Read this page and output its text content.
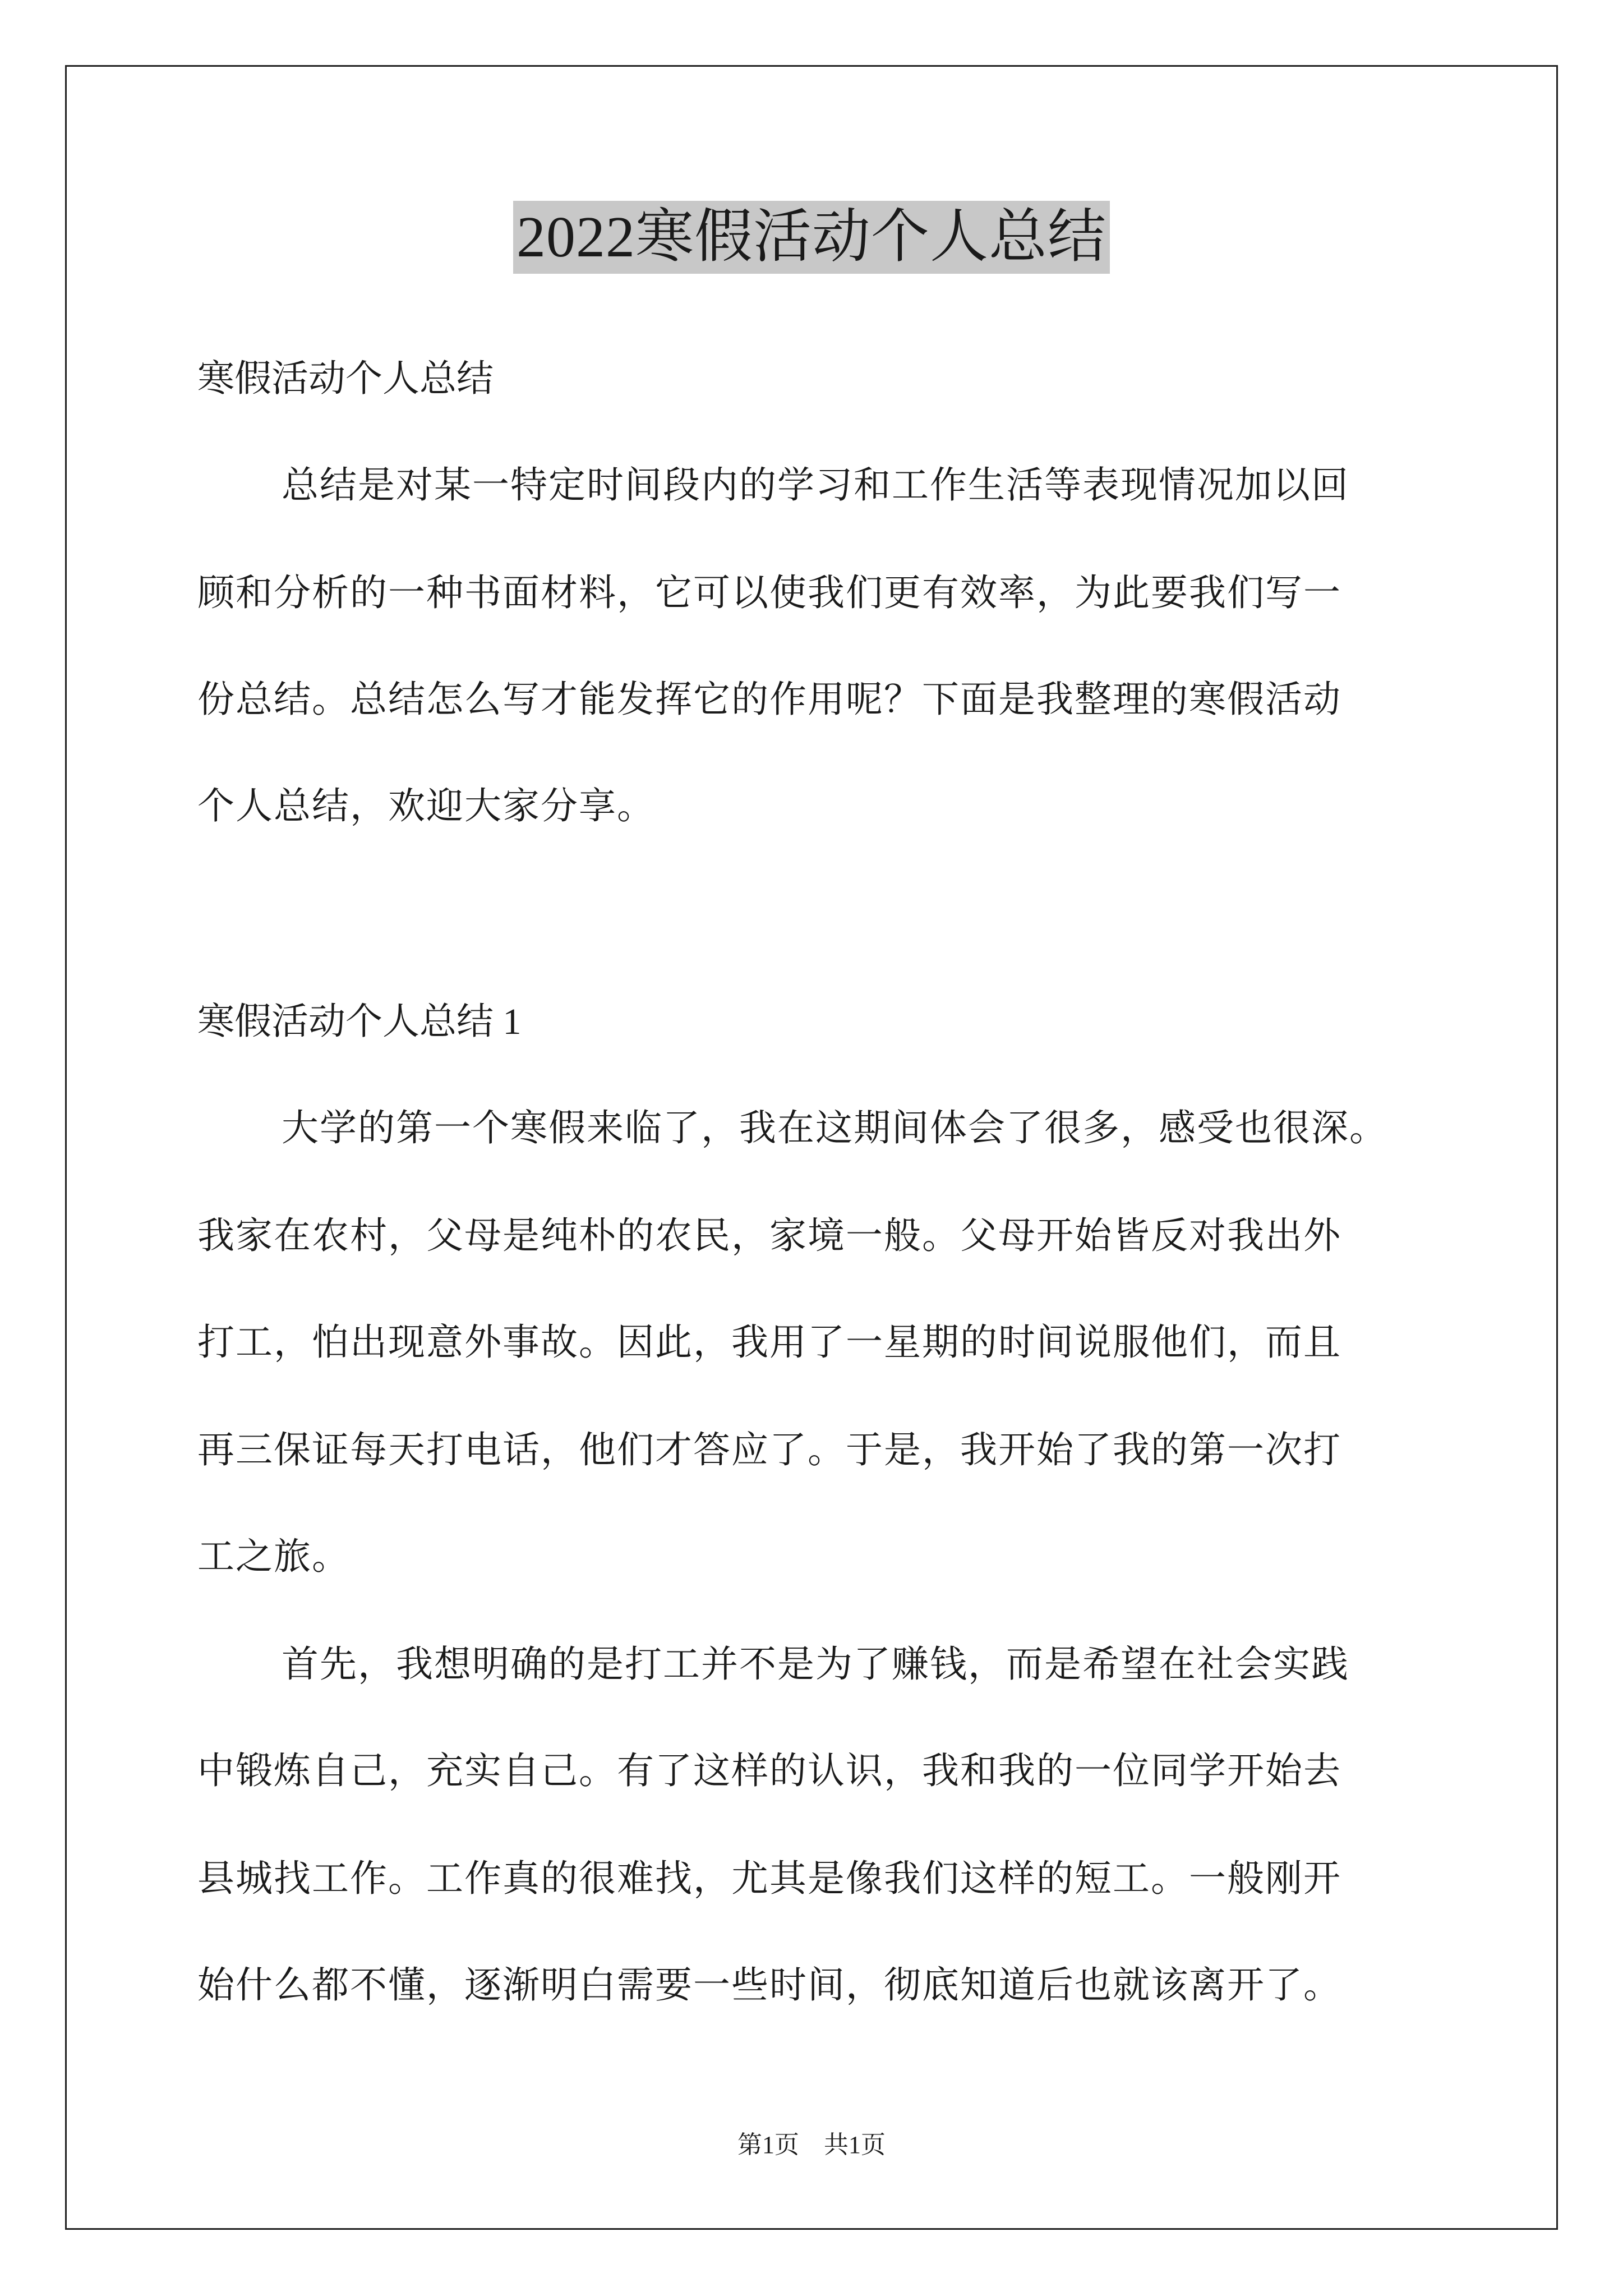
2022寒假活动个人总结
寒假活动个人总结
总结是对某一特定时间段内的学习和工作生活等表现情况加以回
顾和分析的一种书面材料，它可以使我们更有效率，为此要我们写一
份总结。总结怎么写才能发挥它的作用呢？下面是我整理的寒假活动
个人总结，欢迎大家分享。
寒假活动个人总结 1
大学的第一个寒假来临了，我在这期间体会了很多，感受也很深。
我家在农村，父母是纯朴的农民，家境一般。父母开始皆反对我出外
打工，怕出现意外事故。因此，我用了一星期的时间说服他们，而且
再三保证每天打电话，他们才答应了。于是，我开始了我的第一次打
工之旅。
首先，我想明确的是打工并不是为了赚钱，而是希望在社会实践
中锻炼自己，充实自己。有了这样的认识，我和我的一位同学开始去
县城找工作。工作真的很难找，尤其是像我们这样的短工。一般刚开
始什么都不懂，逐渐明白需要一些时间，彻底知道后也就该离开了。
第1页　共1页
